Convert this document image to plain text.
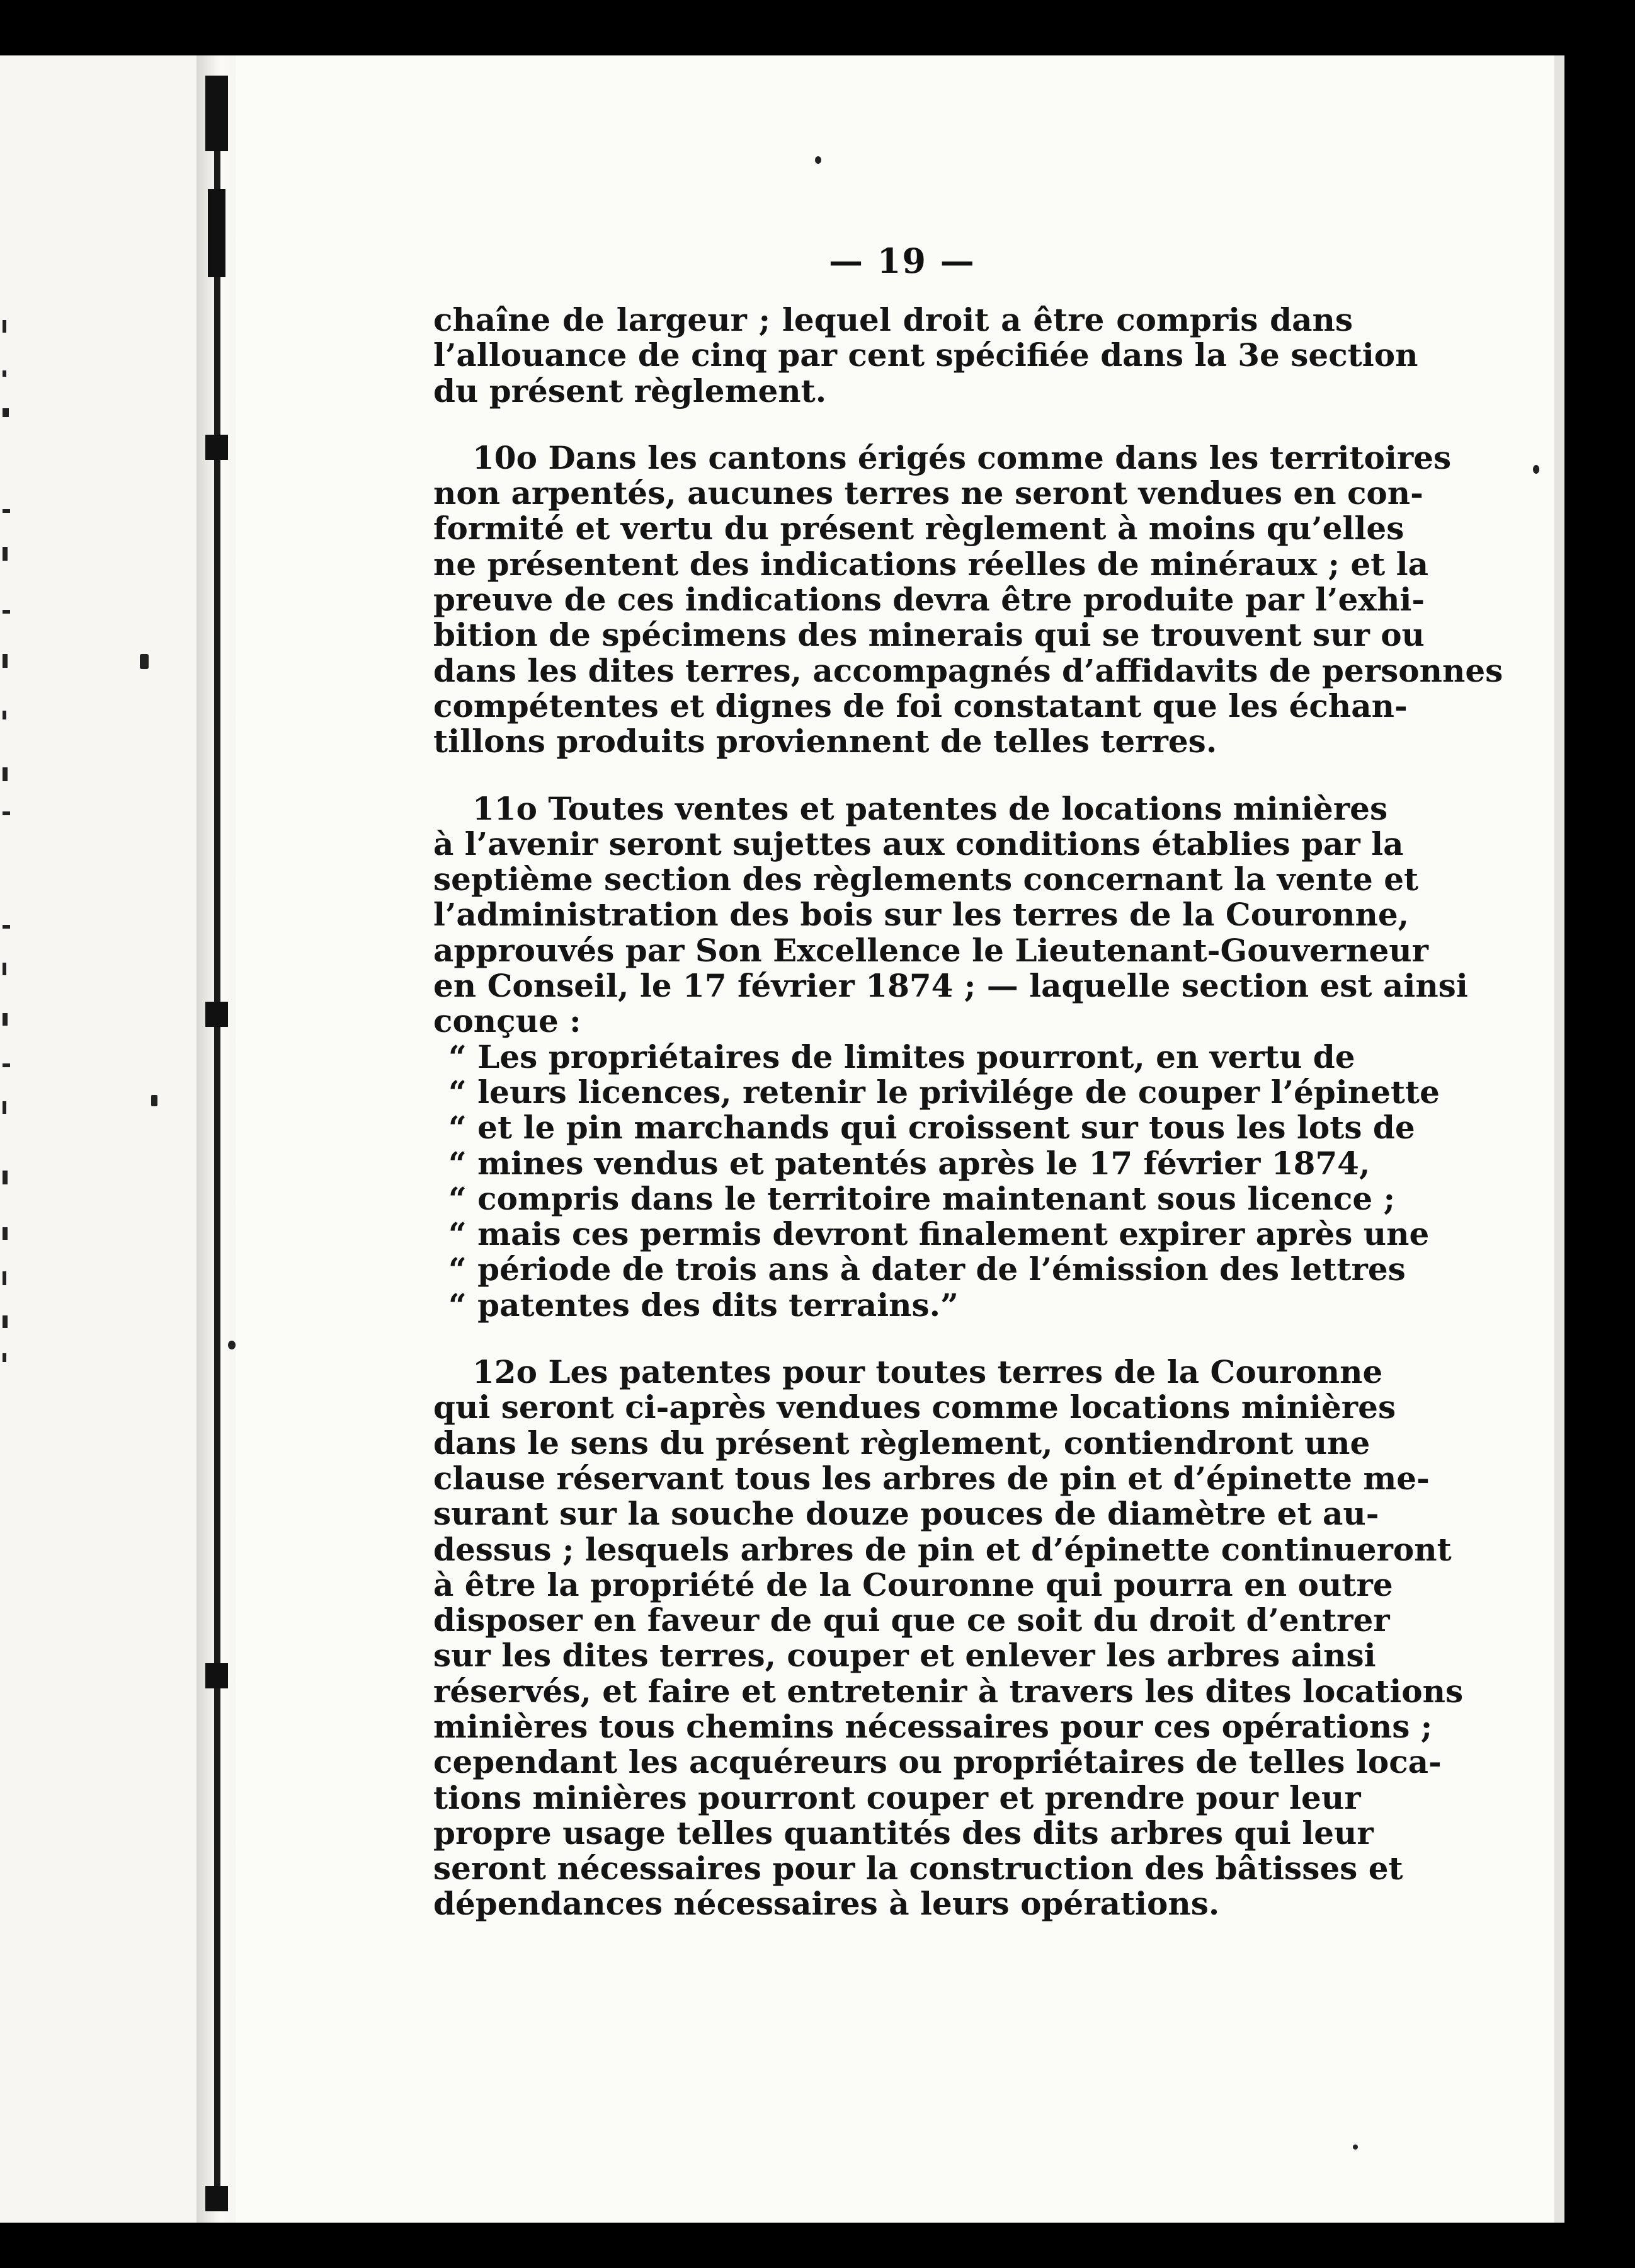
— 19 —
chaîne de largeur ; lequel droit a être compris dans
l’allouance de cinq par cent spécifiée dans la 3e section
du présent règlement.
10o Dans les cantons érigés comme dans les territoires
non arpentés, aucunes terres ne seront vendues en con-
formité et vertu du présent règlement à moins qu’elles
ne présentent des indications réelles de minéraux ; et la
preuve de ces indications devra être produite par l’exhi-
bition de spécimens des minerais qui se trouvent sur ou
dans les dites terres, accompagnés d’affidavits de personnes
compétentes et dignes de foi constatant que les échan-
tillons produits proviennent de telles terres.
11o Toutes ventes et patentes de locations minières
à l’avenir seront sujettes aux conditions établies par la
septième section des règlements concernant la vente et
l’administration des bois sur les terres de la Couronne,
approuvés par Son Excellence le Lieutenant-Gouverneur
en Conseil, le 17 février 1874 ; — laquelle section est ainsi
conçue :
“ Les propriétaires de limites pourront, en vertu de
“ leurs licences, retenir le privilége de couper l’épinette
“ et le pin marchands qui croissent sur tous les lots de
“ mines vendus et patentés après le 17 février 1874,
“ compris dans le territoire maintenant sous licence ;
“ mais ces permis devront finalement expirer après une
“ période de trois ans à dater de l’émission des lettres
“ patentes des dits terrains.”
12o Les patentes pour toutes terres de la Couronne
qui seront ci-après vendues comme locations minières
dans le sens du présent règlement, contiendront une
clause réservant tous les arbres de pin et d’épinette me-
surant sur la souche douze pouces de diamètre et au-
dessus ; lesquels arbres de pin et d’épinette continueront
à être la propriété de la Couronne qui pourra en outre
disposer en faveur de qui que ce soit du droit d’entrer
sur les dites terres, couper et enlever les arbres ainsi
réservés, et faire et entretenir à travers les dites locations
minières tous chemins nécessaires pour ces opérations ;
cependant les acquéreurs ou propriétaires de telles loca-
tions minières pourront couper et prendre pour leur
propre usage telles quantités des dits arbres qui leur
seront nécessaires pour la construction des bâtisses et
dépendances nécessaires à leurs opérations.
